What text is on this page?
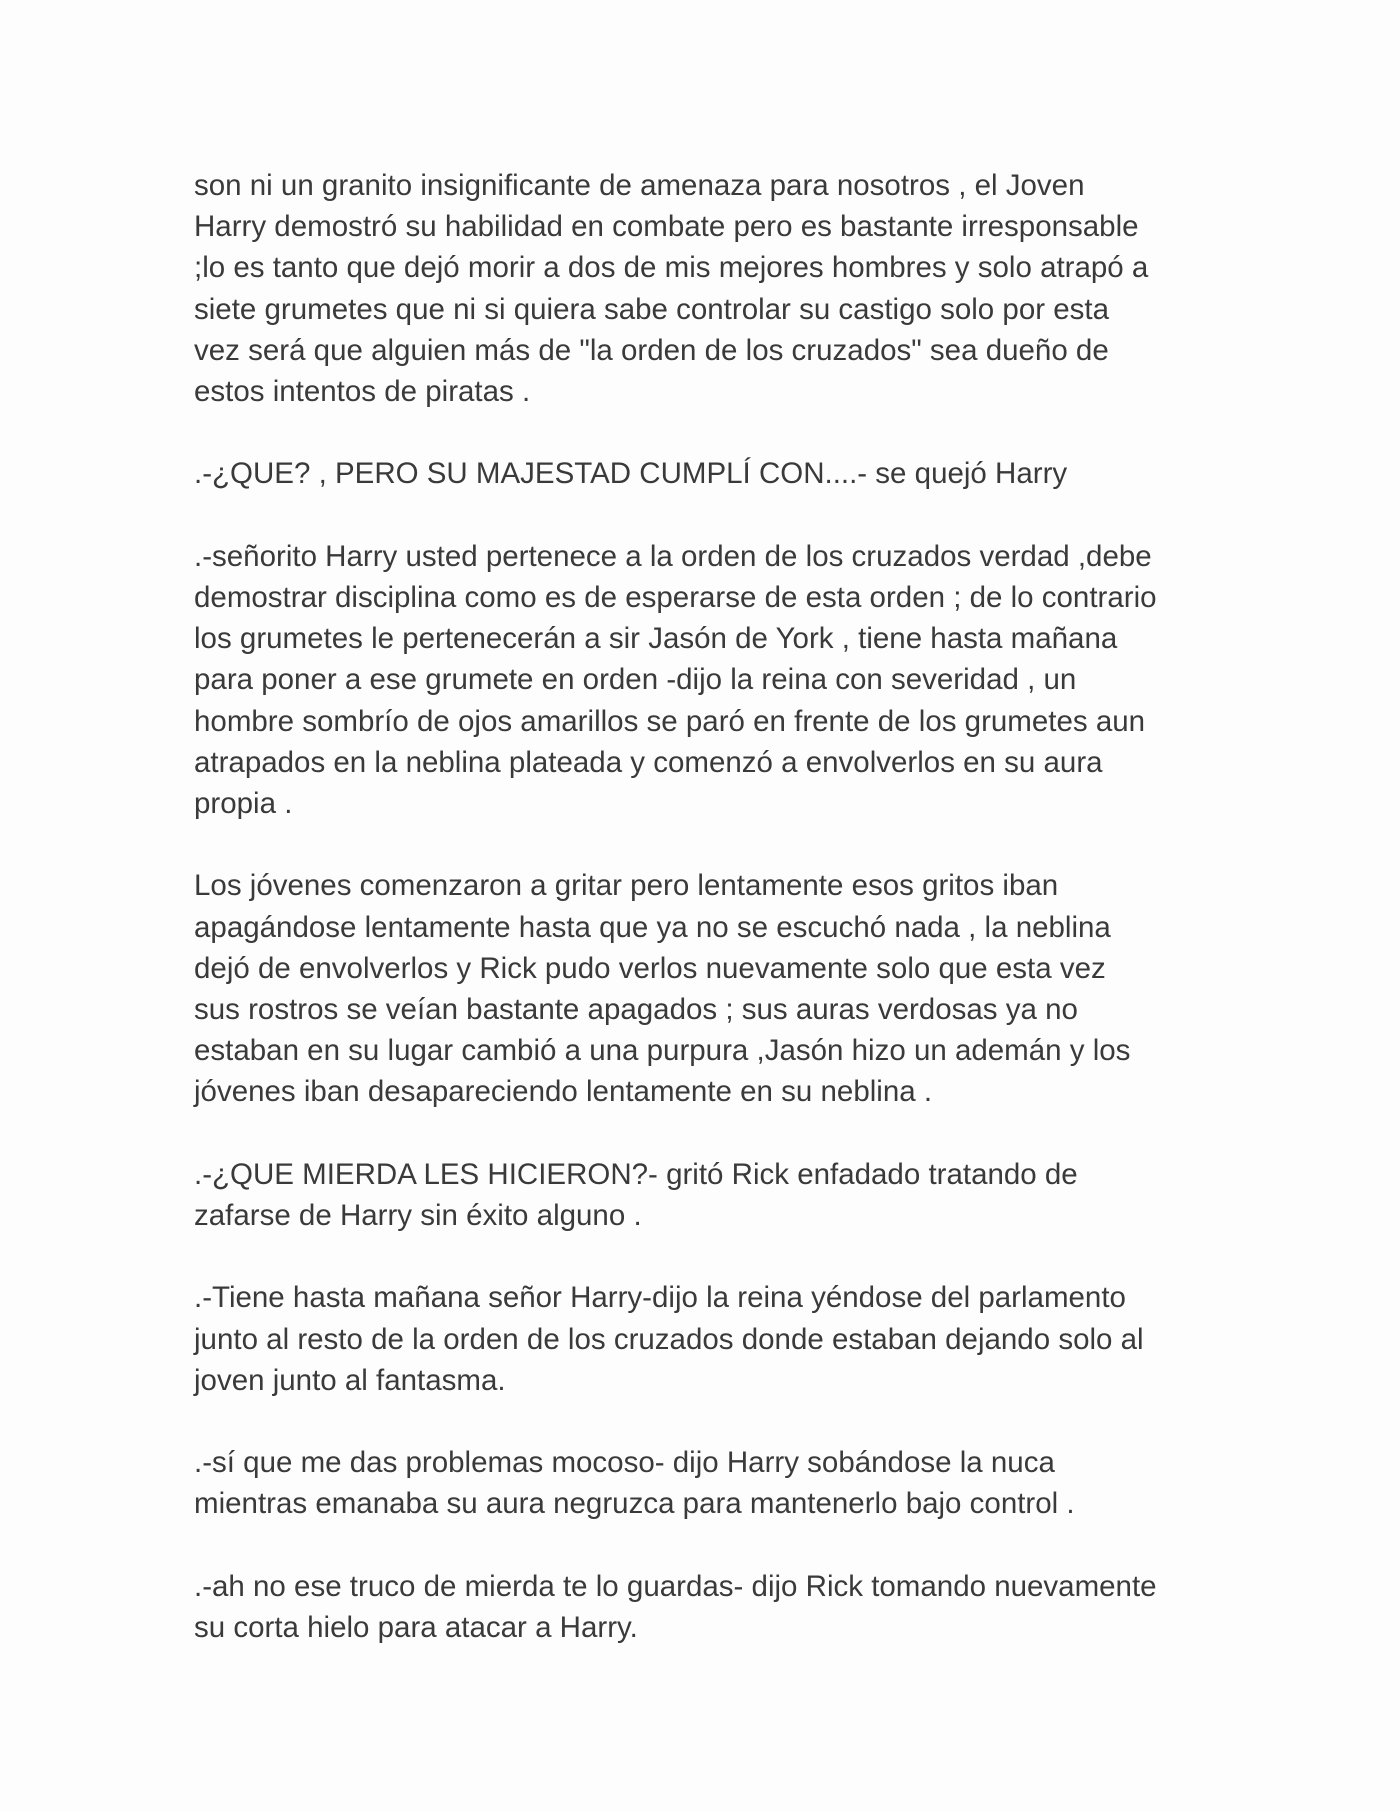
son ni un granito insignificante de amenaza para nosotros , el Joven
Harry demostró su habilidad en combate pero es bastante irresponsable
;lo es tanto que dejó morir a dos de mis mejores hombres y solo atrapó a
siete grumetes que ni si quiera sabe controlar su castigo solo por esta
vez será que alguien más de "la orden de los cruzados" sea dueño de
estos intentos de piratas .

.-¿QUE? , PERO SU MAJESTAD CUMPLÍ CON....- se quejó Harry

.-señorito Harry usted pertenece a la orden de los cruzados verdad ,debe
demostrar disciplina como es de esperarse de esta orden ; de lo contrario
los grumetes le pertenecerán a sir Jasón de York , tiene hasta mañana
para poner a ese grumete en orden -dijo la reina con severidad , un
hombre sombrío de ojos amarillos se paró en frente de los grumetes aun
atrapados en la neblina plateada y comenzó a envolverlos en su aura
propia .

Los jóvenes comenzaron a gritar pero lentamente esos gritos iban
apagándose lentamente hasta que ya no se escuchó nada , la neblina
dejó de envolverlos y Rick pudo verlos nuevamente solo que esta vez
sus rostros se veían bastante apagados ; sus auras verdosas ya no
estaban en su lugar cambió a una purpura ,Jasón hizo un ademán y los
jóvenes iban desapareciendo lentamente en su neblina .

.-¿QUE MIERDA LES HICIERON?- gritó Rick enfadado tratando de
zafarse de Harry sin éxito alguno .

.-Tiene hasta mañana señor Harry-dijo la reina yéndose del parlamento
junto al resto de la orden de los cruzados donde estaban dejando solo al
joven junto al fantasma.

.-sí que me das problemas mocoso- dijo Harry sobándose la nuca
mientras emanaba su aura negruzca para mantenerlo bajo control .

.-ah no ese truco de mierda te lo guardas- dijo Rick tomando nuevamente
su corta hielo para atacar a Harry.
